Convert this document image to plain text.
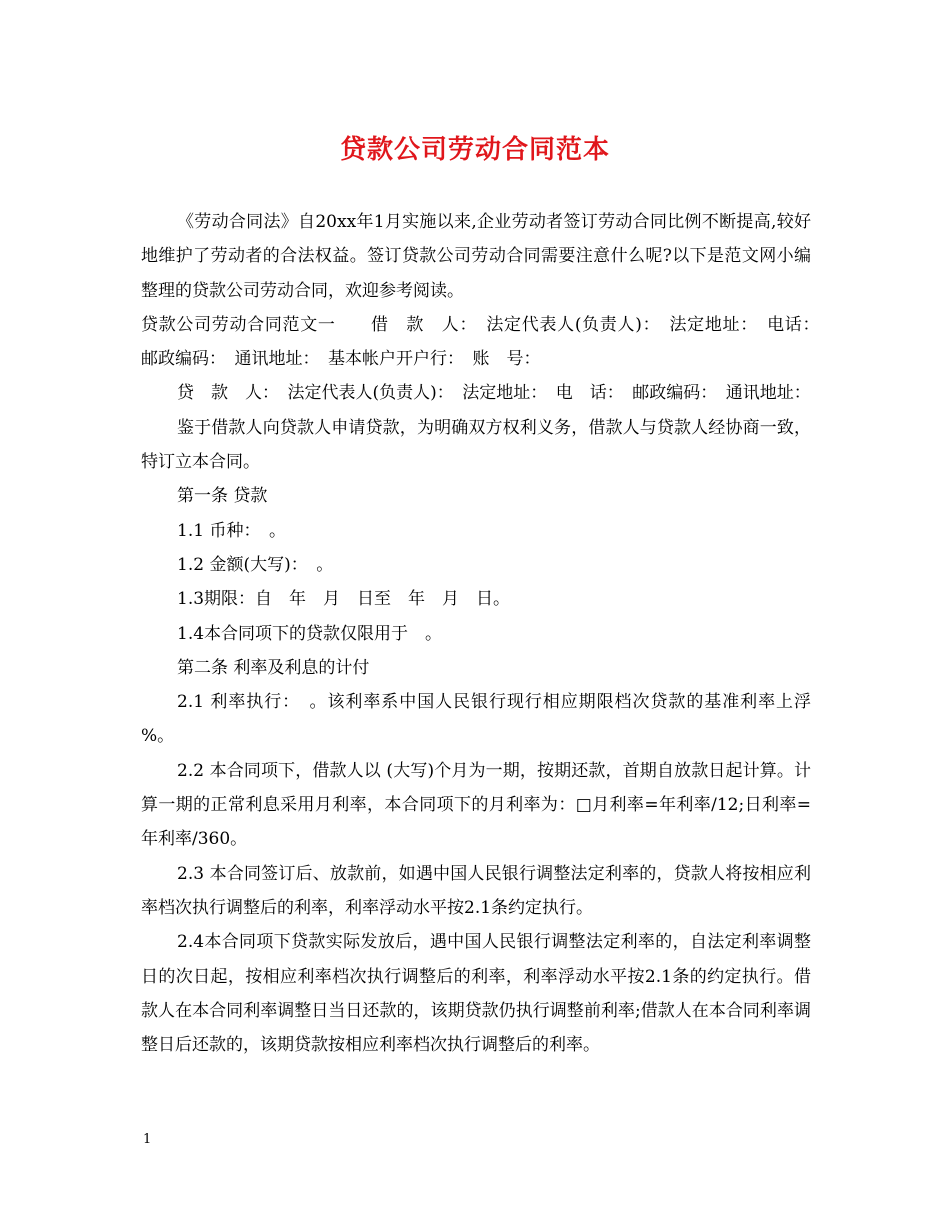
贷款公司劳动合同范本

《劳动合同法》自20xx年1月实施以来,企业劳动者签订劳动合同比例不断提高,较好地维护了劳动者的合法权益。签订贷款公司劳动合同需要注意什么呢?以下是范文网小编整理的贷款公司劳动合同，欢迎参考阅读。

贷款公司劳动合同范文一　　借　款　人：　法定代表人(负责人)：　法定地址：　电话：　邮政编码：　通讯地址：　基本帐户开户行：　账　号：

贷　款　人：　法定代表人(负责人)：　法定地址：　电　话：　邮政编码：　通讯地址：

鉴于借款人向贷款人申请贷款，为明确双方权利义务，借款人与贷款人经协商一致，特订立本合同。

第一条 贷款

1.1 币种：　。

1.2 金额(大写)：　。

1.3期限：自　年　月　日至　年　月　日。

1.4本合同项下的贷款仅限用于　。

第二条 利率及利息的计付

2.1 利率执行：　。该利率系中国人民银行现行相应期限档次贷款的基准利率上浮 %。

2.2 本合同项下，借款人以 (大写)个月为一期，按期还款，首期自放款日起计算。计算一期的正常利息采用月利率，本合同项下的月利率为：□月利率=年利率/12;日利率=年利率/360。

2.3 本合同签订后、放款前，如遇中国人民银行调整法定利率的，贷款人将按相应利率档次执行调整后的利率，利率浮动水平按2.1条约定执行。

2.4本合同项下贷款实际发放后，遇中国人民银行调整法定利率的，自法定利率调整日的次日起，按相应利率档次执行调整后的利率，利率浮动水平按2.1条的约定执行。借款人在本合同利率调整日当日还款的，该期贷款仍执行调整前利率;借款人在本合同利率调整日后还款的，该期贷款按相应利率档次执行调整后的利率。

1
